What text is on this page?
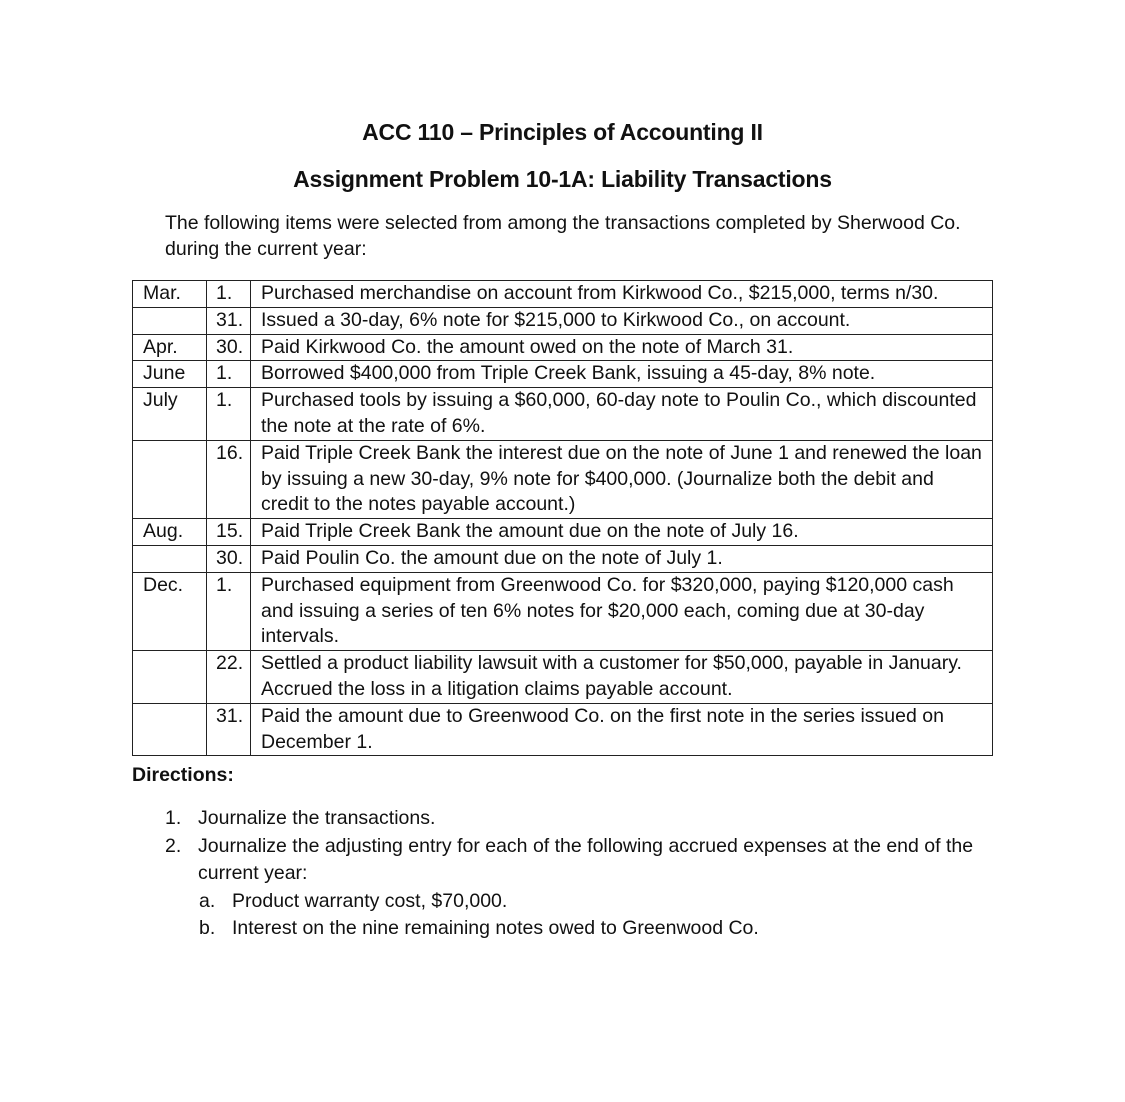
ACC 110 – Principles of Accounting II
Assignment Problem 10-1A: Liability Transactions
The following items were selected from among the transactions completed by Sherwood Co. during the current year:
Mar.	1.	Purchased merchandise on account from Kirkwood Co., $215,000, terms n/30.
	31.	Issued a 30-day, 6% note for $215,000 to Kirkwood Co., on account.
Apr.	30.	Paid Kirkwood Co. the amount owed on the note of March 31.
June	1.	Borrowed $400,000 from Triple Creek Bank, issuing a 45-day, 8% note.
July	1.	Purchased tools by issuing a $60,000, 60-day note to Poulin Co., which discounted the note at the rate of 6%.
	16.	Paid Triple Creek Bank the interest due on the note of June 1 and renewed the loan by issuing a new 30-day, 9% note for $400,000. (Journalize both the debit and credit to the notes payable account.)
Aug.	15.	Paid Triple Creek Bank the amount due on the note of July 16.
	30.	Paid Poulin Co. the amount due on the note of July 1.
Dec.	1.	Purchased equipment from Greenwood Co. for $320,000, paying $120,000 cash and issuing a series of ten 6% notes for $20,000 each, coming due at 30-day intervals.
	22.	Settled a product liability lawsuit with a customer for $50,000, payable in January. Accrued the loss in a litigation claims payable account.
	31.	Paid the amount due to Greenwood Co. on the first note in the series issued on December 1.
Directions:
1. Journalize the transactions.
2. Journalize the adjusting entry for each of the following accrued expenses at the end of the current year:
a. Product warranty cost, $70,000.
b. Interest on the nine remaining notes owed to Greenwood Co.
